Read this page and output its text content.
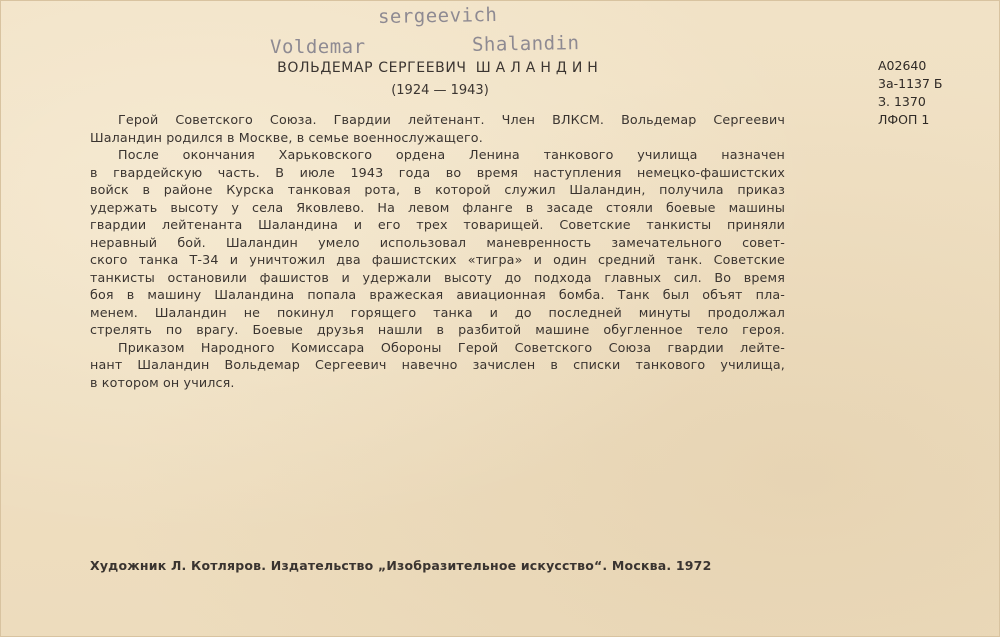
sergeevich
Voldemar	Shalandin
ВОЛЬДЕМАР СЕРГЕЕВИЧ ШАЛАНДИН
(1924 — 1943)
А02640
3а-1137 Б
З. 1370
ЛФОП 1
Герой Советского Союза. Гвардии лейтенант. Член ВЛКСМ. Вольдемар Сергеевич
Шаландин родился в Москве, в семье военнослужащего.
После окончания Харьковского ордена Ленина танкового училища назначен
в гвардейскую часть. В июле 1943 года во время наступления немецко-фашистских
войск в районе Курска танковая рота, в которой служил Шаландин, получила приказ
удержать высоту у села Яковлево. На левом фланге в засаде стояли боевые машины
гвардии лейтенанта Шаландина и его трех товарищей. Советские танкисты приняли
неравный бой. Шаландин умело использовал маневренность замечательного совет-
ского танка Т-34 и уничтожил два фашистских «тигра» и один средний танк. Советские
танкисты остановили фашистов и удержали высоту до подхода главных сил. Во время
боя в машину Шаландина попала вражеская авиационная бомба. Танк был объят пла-
менем. Шаландин не покинул горящего танка и до последней минуты продолжал
стрелять по врагу. Боевые друзья нашли в разбитой машине обугленное тело героя.
Приказом Народного Комиссара Обороны Герой Советского Союза гвардии лейте-
нант Шаландин Вольдемар Сергеевич навечно зачислен в списки танкового училища,
в котором он учился.
Художник Л. Котляров. Издательство „Изобразительное искусство“. Москва. 1972
